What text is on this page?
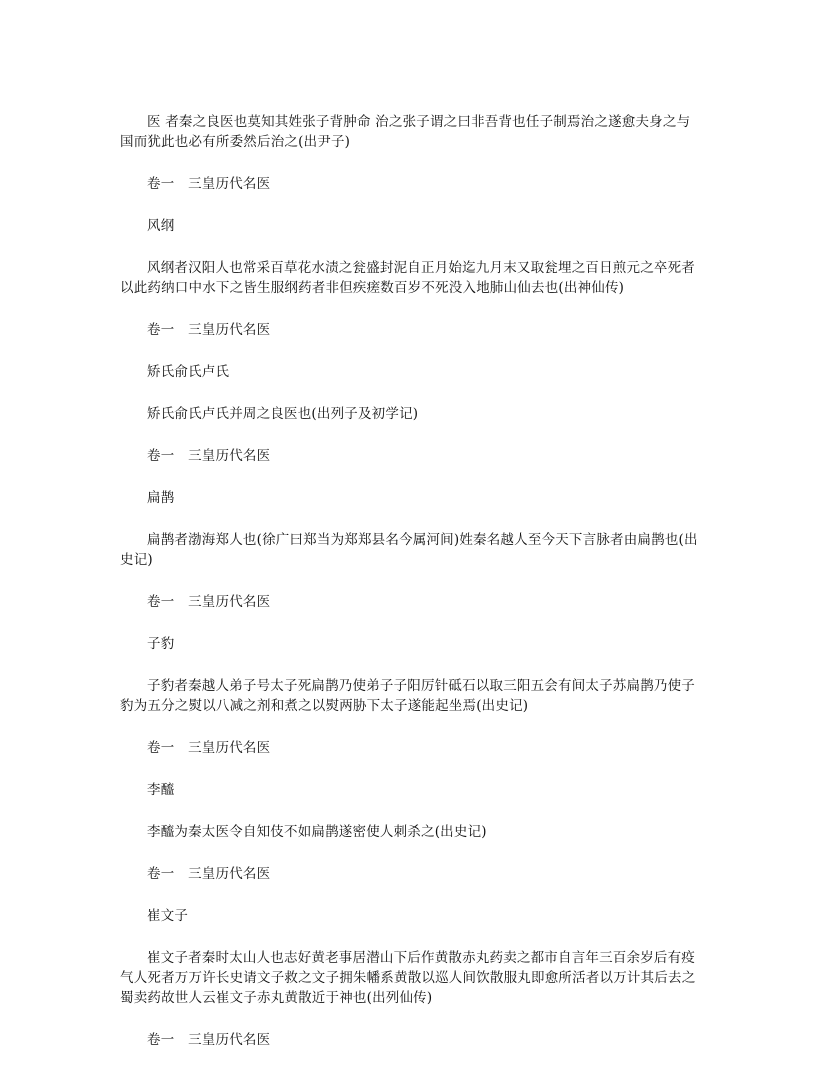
医 者秦之良医也莫知其姓张子背肿命 治之张子谓之曰非吾背也任子制焉治之遂愈夫身之与国而犹此也必有所委然后治之(出尹子)

卷一　三皇历代名医

风纲

风纲者汉阳人也常采百草花水渍之瓮盛封泥自正月始迄九月末又取瓮埋之百日煎元之卒死者以此药纳口中水下之皆生服纲药者非但疾瘥数百岁不死没入地肺山仙去也(出神仙传)

卷一　三皇历代名医

矫氏俞氏卢氏

矫氏俞氏卢氏并周之良医也(出列子及初学记)

卷一　三皇历代名医

扁鹊

扁鹊者渤海郑人也(徐广曰郑当为郑郑县名今属河间)姓秦名越人至今天下言脉者由扁鹊也(出史记)

卷一　三皇历代名医

子豹

子豹者秦越人弟子号太子死扁鹊乃使弟子子阳厉针砥石以取三阳五会有间太子苏扁鹊乃使子豹为五分之熨以八减之剂和煮之以熨两胁下太子遂能起坐焉(出史记)

卷一　三皇历代名医

李醯

李醯为秦太医令自知伎不如扁鹊遂密使人刺杀之(出史记)

卷一　三皇历代名医

崔文子

崔文子者秦时太山人也志好黄老事居潜山下后作黄散赤丸药卖之都市自言年三百余岁后有疫气人死者万万许长史请文子救之文子拥朱幡系黄散以巡人间饮散服丸即愈所活者以万计其后去之蜀卖药故世人云崔文子赤丸黄散近于神也(出列仙传)

卷一　三皇历代名医
